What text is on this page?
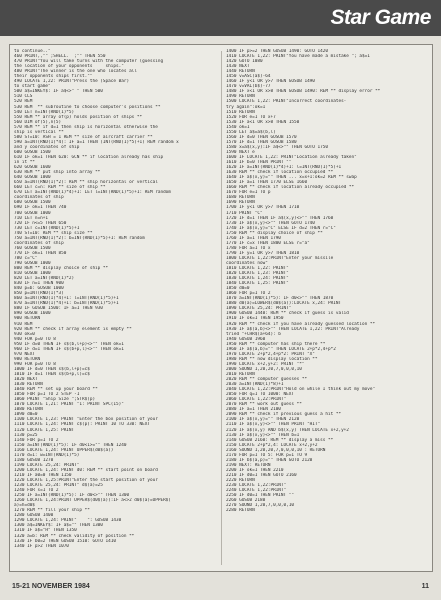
Star Game
to continue.."
460 PRINT,,"" ;SHELL.  ;"" THEN 550
470 PRINT"You will take turns with the computer (guessing
the location of your opponents     ships."
480 PRINT"The winner is the one who locates all
their opponents ships first.""
490 LOCATE 1,22: PRINT"Press the (Space Bar)
to start game"
500 a$=INKEY$: IF a$<>" " THEN 500
510 CLS
520 REM
530 REM  ** subroutine to choose computer's positions **
540 LET n=INT(RND(1)*5)
550 REM ** array of(p) holds position of ships **
560 DIM of(5),n(5)
570 REM ** if d=1 then ship is horizontal otherwise the
ship is vertical **
580 ST=10: ASH = 1 REM ** size of aircraft carrier **
590 a=INT(RND(1)*4): IF a=1 THEN (INT(RND(1)*5)+1) REM random x
and y coordinates of ship
600 GOSUB 1500
610 IF ok=1 THEN 620: GCN ** if location already has ship
in it **
620 GOSUB 1600
630 REM ** put ship into array **
640 GOSUB 1000
650 a=INT(RND(1)*2): REM ** ship horizontal or vertical
660 LET c=n: REM ** size of ship **
670 LET a=INT(RND(1)*4)+1: LET l=INT(RND(1)*5)+1: REM random
coordinates of ship
680 GOSUB 1500
690 IF ok=1 THEN 740
700 GOSUB 1000
710 LET n=n+1
720 IF n<=5 THEN 650
730 LET c=INT(RND(1)*5)+1
740 ST=10: REM ** ship size **
750 a=INT(RND(1)*2): b=INT(RND(1)*5)+1: REM random
coordinates of ship
760 GOSUB 1500
770 IF ok=1 THEN 850
780 c="C"
790 GOSUB 1000
800 REM ** display choice of ship **
810 GOSUB 1000
820 LET a=INT(RND(1)*2)
830 IF n=1 THEN 900
840 p=b: GOSUB 1000
850 p=INT(RND(1)*3)
860 a=INT(RND(1)*4)+1: l=INT(RND(1)*5)+1
870 a=INT(RND(1)*4)+1: b=INT(RND(1)*5)+1
880 IF GOSUB 1500: IF a=1 THEN 930
890 GOSUB 1600
900 RETURN
910 REM
920 REM ** check if array element is empty **
930 ok=0
940 FOR p=0 TO 8
950 IF d=0 THEN IF s$(b,l+p)<>"" THEN ok=1
960 IF d=1 THEN IF s$(b+p,l)<>"" THEN ok=1
970 NEXT
980 RETURN
990 FOR p=0 TO 8
1000 IF d=0 THEN s$(b,l+p)=c$
1010 IF d=1 THEN s$(b+p,l)=c$
1020 NEXT
1030 RETURN
1040 REM ** set up your board **
1050 FOR p=1 TO 2 STEP -1
1060 PRINT "Ship Size ";STR$(p)
1070 LOCATE 1,21: PRINT "1: PRINT SPC(15)"
1080 RETURN
1090 d0=0
1100 LOCATE 1,23: PRINT "Enter the box position of your
1110 LOCATE 1,24: PRINT c$(p): PRINT 10 TO 330: NEXT
1120 LOCATE 1,25: PRINT
1130 p=25
1140 FOR p=1 TO 2
1150 a=INT(RND(1)*5): IF d0<1>="" THEN 1240
1160 LOCATE 1,24: PRINT UPPER$(d0$(a))
1170 d=1: w=INT(RND(1)*5)
1180 GOSUB 1270
1190 LOCATE 25,24: PRINT"
1200 LOCATE 1,24: PRINT d0: REM ** start point on board
1210 IF a0=0 THEN 1150
1220 LOCATE 1,25:PRINT"Enter the start position of your
1230 LOCATE 25,24: PRINT" d$(a)=25
1240 FOR s=1 TO 2
1250 IF a=INT(RND(1)*5): IF d0<>"" THEN 1300
1260 LOCATE 1,24:PRINT UPPER$(d0$(a)):IF a<>2 d0$(a)=UPPER$(
a)=h=d0$
1270 REM ** fill your ship **
1280 GOSUB 1400
1290 LOCATE 1,24: PRINT"    ": GOSUB 1430
1300 a$=INKEY$: IF a$="" THEN 1300
1310 IF a$="H" THEN 1350
1320 a=b: REM ** check validity of position **
1330 IF b0=2 THEN GOSUB 1510: GOTO 1410
1340 IF p>2 THEN 1070
1400 IF p>=2 THEN GOSUB 1490: GOTO 1420
1410 LOCATE 1,22: PRINT"You have made a mistake "; a$=1
1420 GOTO 1080
1430 NEXT
1440 RETURN
1450 v=ASC(a$)-64
1460 IF y<1 OR y>7 THEN GOSUB 1490
1470 v=VAL(b$)-77
1480 IF x<1 OR x>8 THEN GOSUB 1490: REM ** display error **
1490 RETURN
1500 LOCATE 1,22: PRINT"Incorrect coordinates-
try again":ok=1
1510 RETURN
1520 FOR e=1 TO x+7
1530 IF a<1 OR x>8 THEN 1550
1540 ok=1
1550 LET a$=a$(b,l)
1560 IF d=0 THEN GOSUB 1570
1570 IF d=1 THEN GOSUB 1580
1580 x=a$(x,y):IF a$<>"" THEN GOTO 1750
1590 NEXT e
1600 IF LOCATE 1,22: PRINT"Location already taken"
1610 IF b=0 THEN PRINT ""
1620 IF a=INT(RND(1)*4)+1: l=INT(RND(1)*5)+1
1630 REM ** check if location occupied **
1640 IF a$(x,y)="" THEN ... x=x+1:ok=2 REM ** swap
1650 IF a=1 THEN 1770 ELSE 1660
1660 REM ** check if location already occupied **
1670 FOR e=1 TO p
1680 RETURN
1690 RETURN
1700 IF y<1 OR y>7 THEN 1710
1710 PRINT "C"
1720 IF d=1 THEN IF a$(x,y)<>"" THEN 1760
1730 IF a$(x,y)<>"" THEN GOTO 1740
1740 IF a$(x,y)="C" ELSE IF d=2 THEN r="C"
1750 REM ** display choice of ship **
1760 IF a=1 THEN 1790
1770 IF c=x THEN 1800 ELSE r="a"
1780 FOR a=1 TO x
1790 IF y=1 OR y>7 THEN 1810
1800 LOCATE 1,22:PRINT"Enter your missile
coordinates now"
1810 LOCATE 1,22: PRINT"
1820 LOCATE 1,23: PRINT"
1830 LOCATE 1,24: PRINT"
1840 LOCATE 1,25: PRINT"
1850 d0=0
1860 FOR p=1 TO 2
1870 a=INT(RND(1)*5): IF d0<>"" THEN 1870
1880 d0(a)=LOWER$(d0$(a)):LOCATE x,24: PRINT
1890 LOCATE 25,24: PRINT"
1900 GOSUB 1440: REM ** check if guess is valid
1910 IF ok=1 THEN 1950
1920 REM ** check if you have already guessed location **
1930 IF a$(a,b)<>"" THEN LOCATE 1,22: PRINT"Already
tried "+CHR$(a+64): b
1940 GOSUB 1960
1950 REM ** computer has ship there **
1960 IF a$(a,b)="" THEN LOCATE 2+p*2,4+p*2
1970 LOCATE 2+p*2,4+p*2: PRINT "X"
1980 REM ** now display location **
1990 LOCATE x+2,y+2: PRINT "*"
2000 SOUND 1,20,20,7,0,0,0,10
2010 RETURN
2020 REM ** computer guesses **
2030 a=INT(RND(1)*8)+1
2040 LOCATE 1,22:PRINT"Hold on while I think out my move"
2050 FOR q=1 TO 1000: NEXT
2060 LOCATE 1,22:PRINT"
2070 REM ** work out guess **
2080 IF a=1 THEN 2100
2090 REM ** check if previous guess a hit **
2100 IF a$(x,y)="" THEN 2120
2110 IF a$(x,y)<>"" THEN PRINT "HIT"
2120 IF a$(x,y) AND b$(x,y) THEN LOCATE x+2,y+2
2130 IF a$(x,y)<>"" THEN b=1
2140 GOSUB 2160: REM ** display a miss **
2150 LOCATE 2+p*2,4: LOCATE x+2,y+2
2160 SOUND 1,20,20,7,0,0,0,10 : RETURN
2170 FOR p=1 TO 5: FOR p=1 TO 9
2180 IF b$(a,p)="" THEN GOTO 2120
2190 NEXT: RETURN
2200 IF ok=1 THEN 2210
2210 IF d0=1 THEN GOTO 2160
2220 RETURN
2230 LOCATE 1,22:PRINT"
2240 LOCATE 1,22:PRINT"
2250 IF d0=1 THEN PRINT ""
2260 GOSUB 2180
2270 SOUND 1,20,7,0,0,0,10
2280 RETURN
15-21 NOVEMBER 1984	11
